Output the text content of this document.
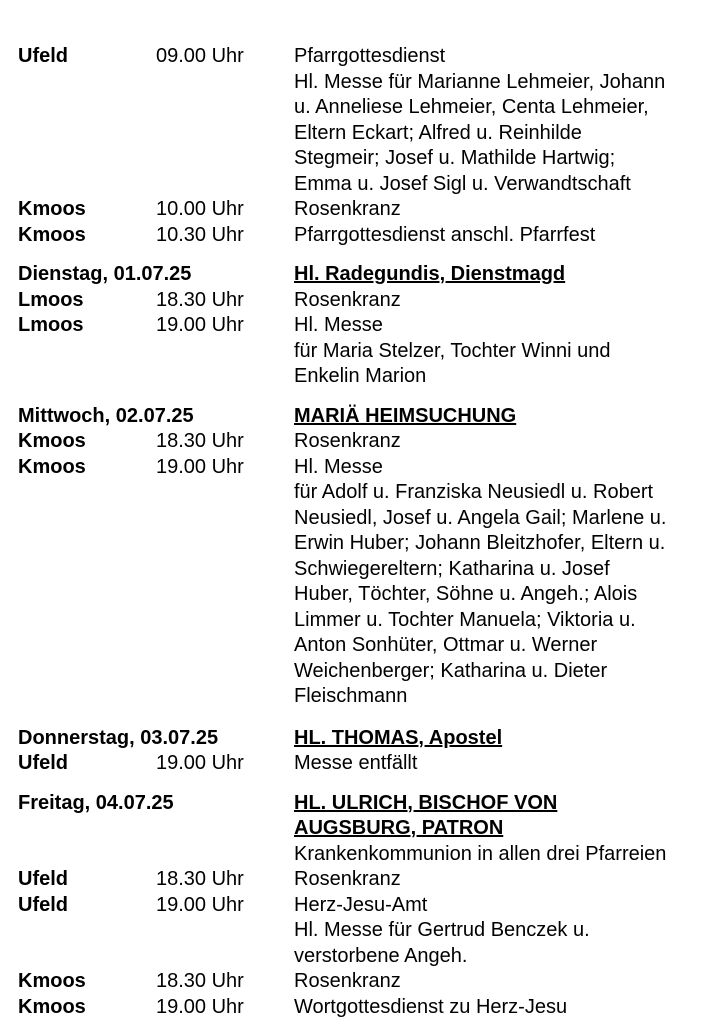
Ufeld	09.00 Uhr	Pfarrgottesdienst
Hl. Messe für Marianne Lehmeier, Johann
u. Anneliese Lehmeier, Centa Lehmeier,
Eltern Eckart; Alfred u. Reinhilde
Stegmeir; Josef u. Mathilde Hartwig;
Emma u. Josef Sigl u. Verwandtschaft
Kmoos	10.00 Uhr	Rosenkranz
Kmoos	10.30 Uhr	Pfarrgottesdienst anschl. Pfarrfest
Dienstag, 01.07.25	Hl. Radegundis, Dienstmagd
Lmoos	18.30 Uhr	Rosenkranz
Lmoos	19.00 Uhr	Hl. Messe
für Maria Stelzer, Tochter Winni und
Enkelin Marion
Mittwoch, 02.07.25	MARIÄ HEIMSUCHUNG
Kmoos	18.30 Uhr	Rosenkranz
Kmoos	19.00 Uhr	Hl. Messe
für Adolf u. Franziska Neusiedl u. Robert
Neusiedl, Josef u. Angela Gail; Marlene u.
Erwin Huber; Johann Bleitzhofer, Eltern u.
Schwiegereltern; Katharina u. Josef
Huber, Töchter, Söhne u. Angeh.; Alois
Limmer u. Tochter Manuela; Viktoria u.
Anton Sonhüter, Ottmar u. Werner
Weichenberger; Katharina u. Dieter
Fleischmann
Donnerstag, 03.07.25	HL. THOMAS, Apostel
Ufeld	19.00 Uhr	Messe entfällt
Freitag, 04.07.25	HL. ULRICH, BISCHOF VON
AUGSBURG, PATRON
Krankenkommunion in allen drei Pfarreien
Ufeld	18.30 Uhr	Rosenkranz
Ufeld	19.00 Uhr	Herz-Jesu-Amt
Hl. Messe für Gertrud Benczek u.
verstorbene Angeh.
Kmoos	18.30 Uhr	Rosenkranz
Kmoos	19.00 Uhr	Wortgottesdienst zu Herz-Jesu
